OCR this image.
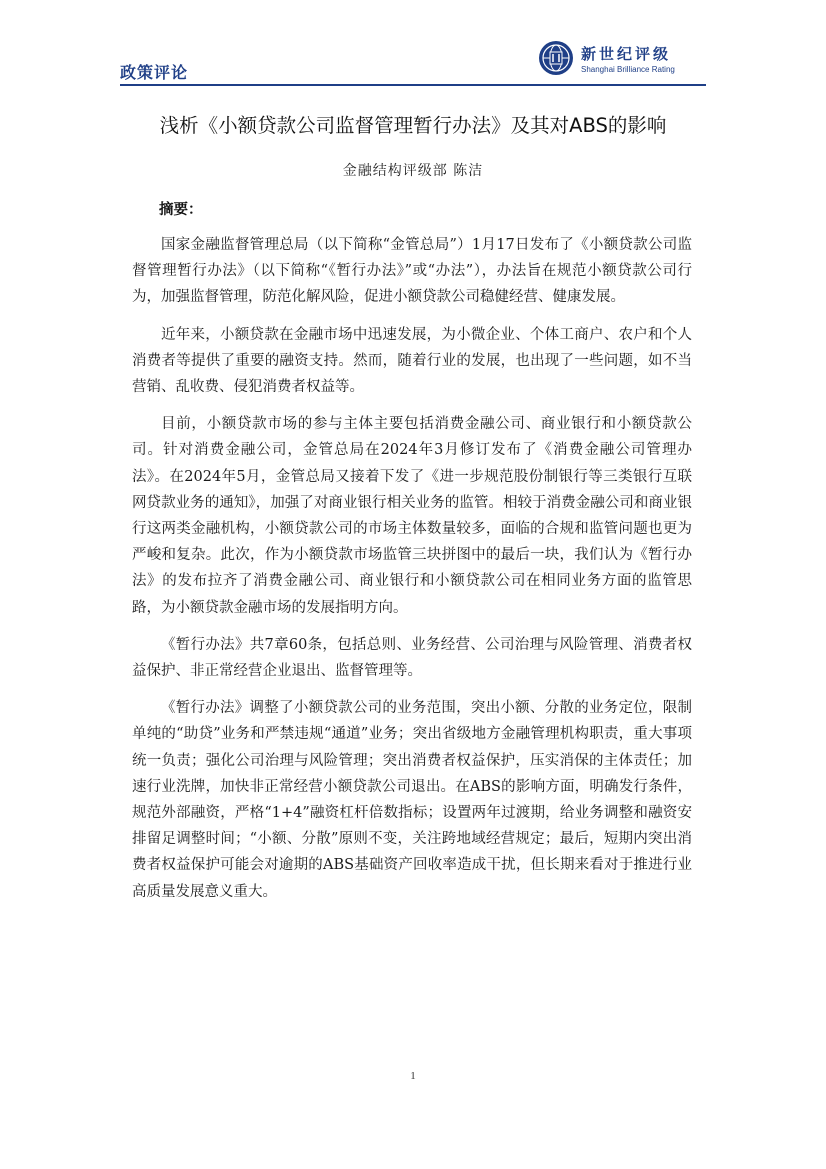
政策评论
新世纪评级
Shanghai Brilliance Rating
浅析《小额贷款公司监督管理暂行办法》及其对ABS的影响
金融结构评级部 陈洁
摘要：

国家金融监督管理总局（以下简称“金管总局”）1月17日发布了《小额贷款公司监督管理暂行办法》（以下简称“《暂行办法》”或“办法”），办法旨在规范小额贷款公司行为，加强监督管理，防范化解风险，促进小额贷款公司稳健经营、健康发展。

近年来，小额贷款在金融市场中迅速发展，为小微企业、个体工商户、农户和个人消费者等提供了重要的融资支持。然而，随着行业的发展，也出现了一些问题，如不当营销、乱收费、侵犯消费者权益等。

目前，小额贷款市场的参与主体主要包括消费金融公司、商业银行和小额贷款公司。针对消费金融公司，金管总局在2024年3月修订发布了《消费金融公司管理办法》。在2024年5月，金管总局又接着下发了《进一步规范股份制银行等三类银行互联网贷款业务的通知》，加强了对商业银行相关业务的监管。相较于消费金融公司和商业银行这两类金融机构，小额贷款公司的市场主体数量较多，面临的合规和监管问题也更为严峻和复杂。此次，作为小额贷款市场监管三块拼图中的最后一块，我们认为《暂行办法》的发布拉齐了消费金融公司、商业银行和小额贷款公司在相同业务方面的监管思路，为小额贷款金融市场的发展指明方向。

《暂行办法》共7章60条，包括总则、业务经营、公司治理与风险管理、消费者权益保护、非正常经营企业退出、监督管理等。

《暂行办法》调整了小额贷款公司的业务范围，突出小额、分散的业务定位，限制单纯的“助贷”业务和严禁违规“通道”业务；突出省级地方金融管理机构职责，重大事项统一负责；强化公司治理与风险管理；突出消费者权益保护，压实消保的主体责任；加速行业洗牌，加快非正常经营小额贷款公司退出。在ABS的影响方面，明确发行条件，规范外部融资，严格“1+4”融资杠杆倍数指标；设置两年过渡期，给业务调整和融资安排留足调整时间；“小额、分散”原则不变，关注跨地域经营规定；最后，短期内突出消费者权益保护可能会对逾期的ABS基础资产回收率造成干扰，但长期来看对于推进行业高质量发展意义重大。

1
